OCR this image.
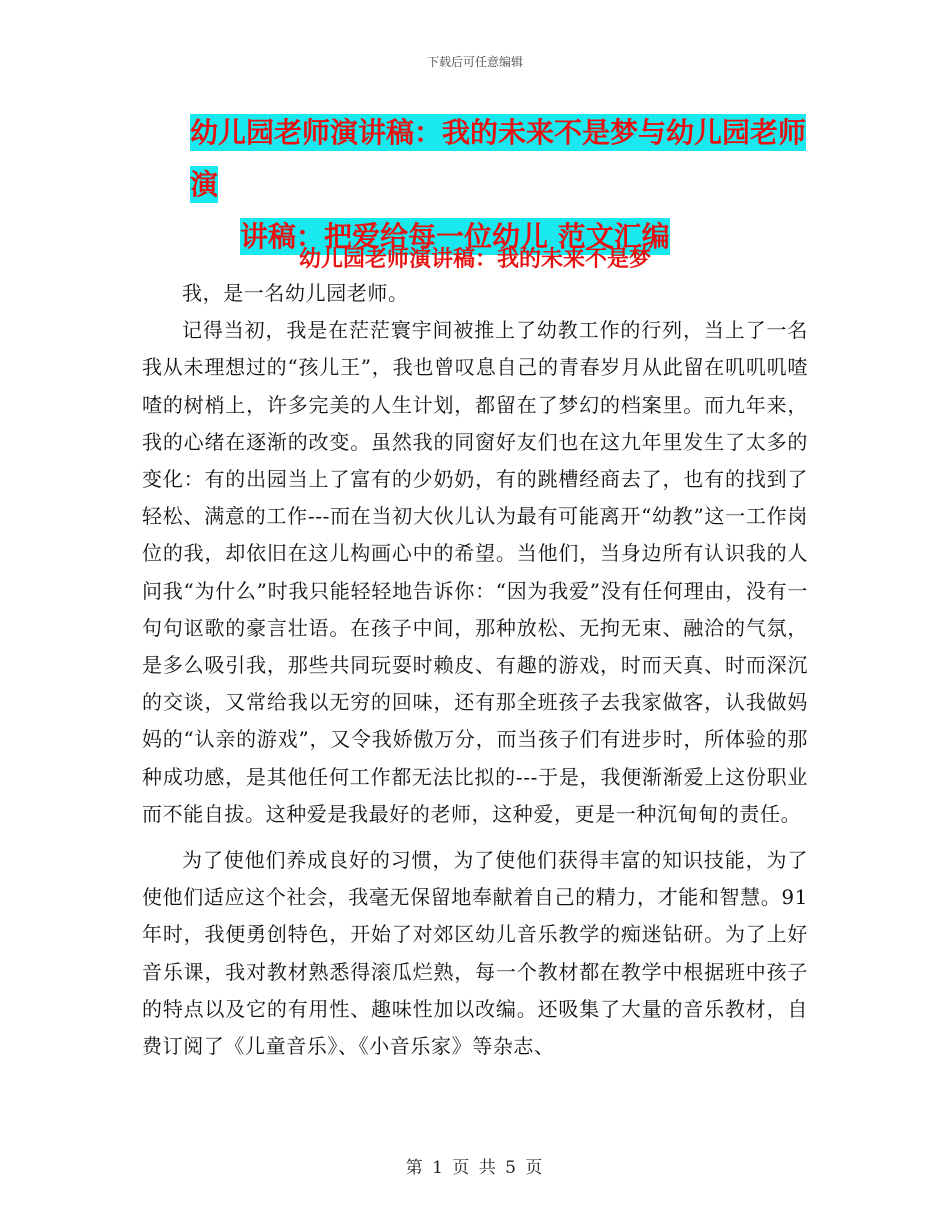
下载后可任意编辑
幼儿园老师演讲稿：我的未来不是梦与幼儿园老师演
讲稿：把爱给每一位幼儿 范文汇编
幼儿园老师演讲稿：我的未来不是梦

我，是一名幼儿园老师。

记得当初，我是在茫茫寰宇间被推上了幼教工作的行列，当上了一名我从未理想过的“孩儿王”，我也曾叹息自己的青春岁月从此留在叽叽叽喳喳的树梢上，许多完美的人生计划，都留在了梦幻的档案里。而九年来，我的心绪在逐渐的改变。虽然我的同窗好友们也在这九年里发生了太多的变化：有的出园当上了富有的少奶奶，有的跳槽经商去了，也有的找到了轻松、满意的工作---而在当初大伙儿认为最有可能离开“幼教”这一工作岗位的我，却依旧在这儿构画心中的希望。当他们，当身边所有认识我的人问我“为什么”时我只能轻轻地告诉你：“因为我爱”没有任何理由，没有一句句讴歌的豪言壮语。在孩子中间，那种放松、无拘无束、融洽的气氛，是多么吸引我，那些共同玩耍时赖皮、有趣的游戏，时而天真、时而深沉的交谈，又常给我以无穷的回味，还有那全班孩子去我家做客，认我做妈妈的“认亲的游戏”，又令我娇傲万分，而当孩子们有进步时，所体验的那种成功感，是其他任何工作都无法比拟的---于是，我便渐渐爱上这份职业而不能自拔。这种爱是我最好的老师，这种爱，更是一种沉甸甸的责任。

为了使他们养成良好的习惯，为了使他们获得丰富的知识技能，为了使他们适应这个社会，我毫无保留地奉献着自己的精力，才能和智慧。91年时，我便勇创特色，开始了对郊区幼儿音乐教学的痴迷钻研。为了上好音乐课，我对教材熟悉得滚瓜烂熟，每一个教材都在教学中根据班中孩子的特点以及它的有用性、趣味性加以改编。还吸集了大量的音乐教材，自费订阅了《儿童音乐》、《小音乐家》等杂志、

第 1 页 共 5 页
